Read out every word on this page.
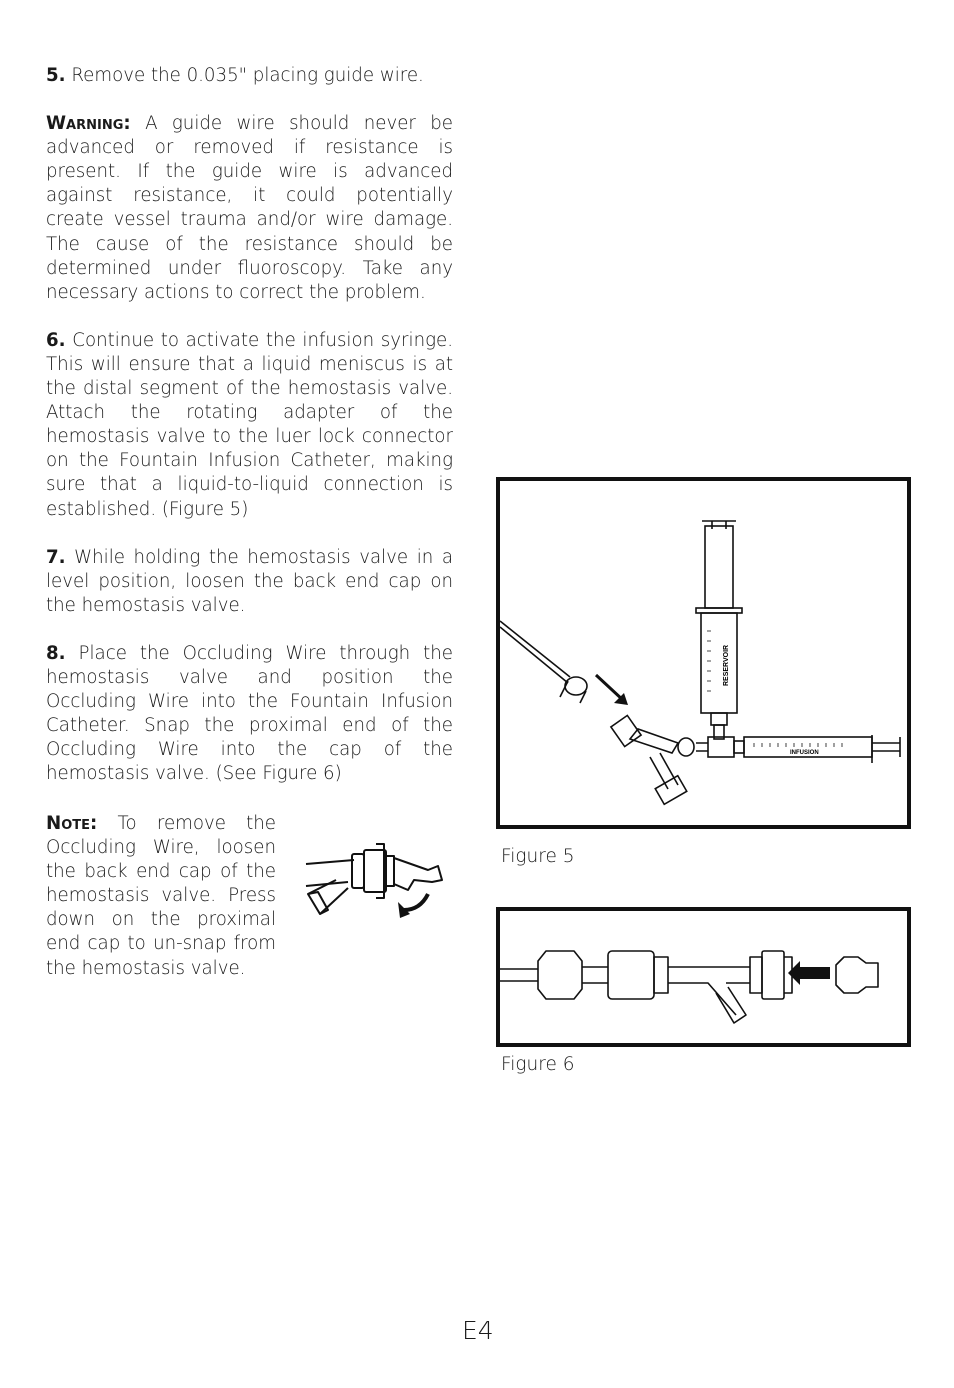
5. Remove the 0.035" placing guide wire.

Warning: A guide wire should never be advanced or removed if resistance is present. If the guide wire is advanced against resistance, it could potentially create vessel trauma and/or wire damage. The cause of the resistance should be determined under fluoroscopy. Take any necessary actions to correct the problem.

6. Continue to activate the infusion syringe. This will ensure that a liquid meniscus is at the distal segment of the hemostasis valve. Attach the rotating adapter of the hemostasis valve to the luer lock connector on the Fountain Infusion Catheter, making sure that a liquid-to-liquid connection is established. (Figure 5)

7. While holding the hemostasis valve in a level position, loosen the back end cap on the hemostasis valve.

8. Place the Occluding Wire through the hemostasis valve and position the Occluding Wire into the Fountain Infusion Catheter. Snap the proximal end of the Occluding Wire into the cap of the hemostasis valve. (See Figure 6)

Note: To remove the Occluding Wire, loosen the back end cap of the hemostasis valve. Press down on the proximal end cap to un-snap from the hemostasis valve.
RESERVOIR
INFUSION
Figure 5
Figure 6
E4
